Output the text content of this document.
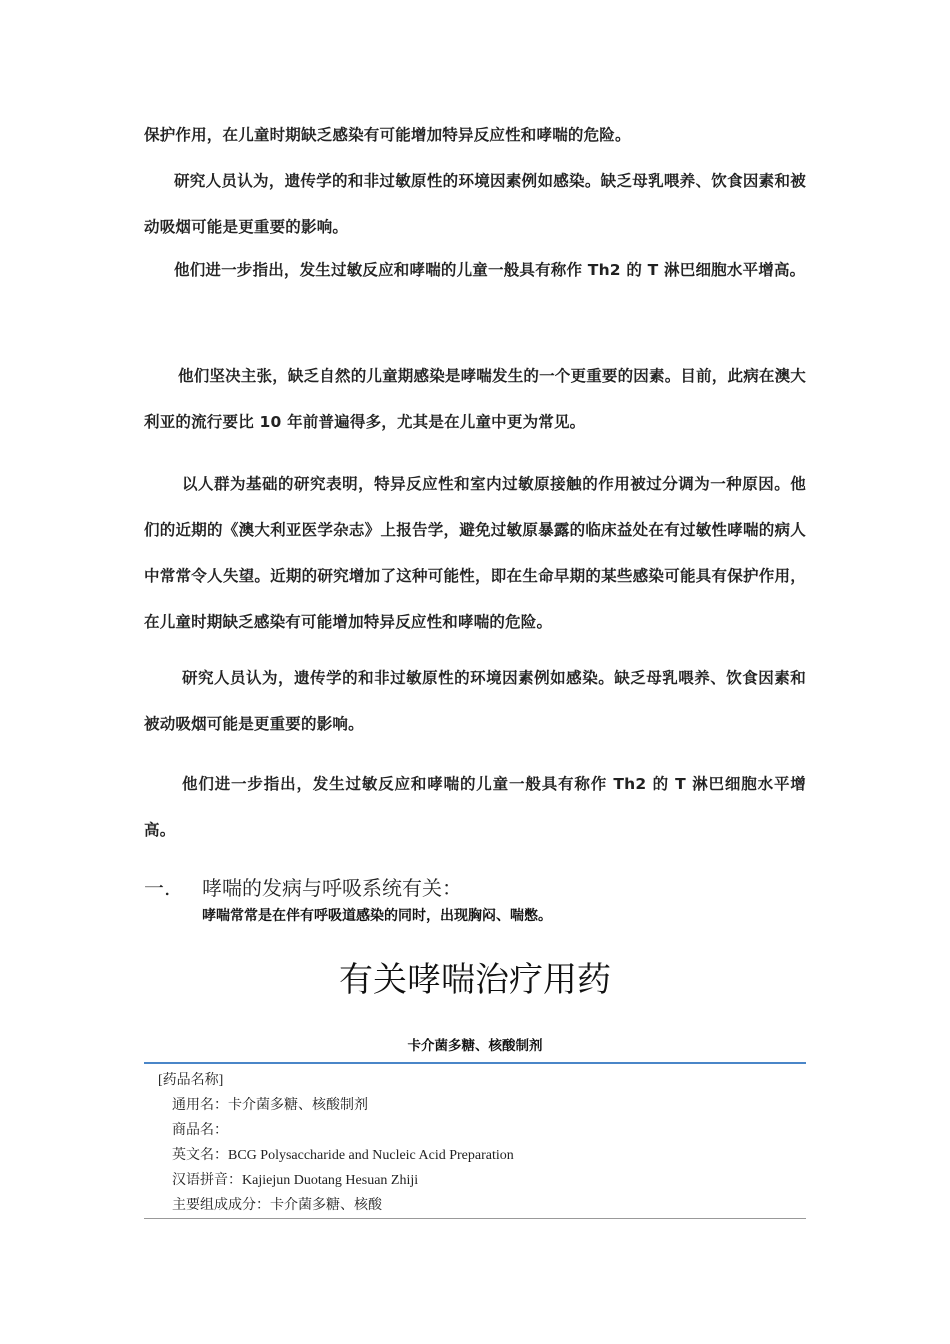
保护作用，在儿童时期缺乏感染有可能增加特异反应性和哮喘的危险。
研究人员认为，遗传学的和非过敏原性的环境因素例如感染。缺乏母乳喂养、饮食因素和被动吸烟可能是更重要的影响。
他们进一步指出，发生过敏反应和哮喘的儿童一般具有称作 Th2 的 T 淋巴细胞水平增高。
他们坚决主张，缺乏自然的儿童期感染是哮喘发生的一个更重要的因素。目前，此病在澳大利亚的流行要比 10 年前普遍得多，尤其是在儿童中更为常见。
以人群为基础的研究表明，特异反应性和室内过敏原接触的作用被过分调为一种原因。他们的近期的《澳大利亚医学杂志》上报告学，避免过敏原暴露的临床益处在有过敏性哮喘的病人中常常令人失望。近期的研究增加了这种可能性，即在生命早期的某些感染可能具有保护作用，在儿童时期缺乏感染有可能增加特异反应性和哮喘的危险。
研究人员认为，遗传学的和非过敏原性的环境因素例如感染。缺乏母乳喂养、饮食因素和被动吸烟可能是更重要的影响。
他们进一步指出，发生过敏反应和哮喘的儿童一般具有称作 Th2 的 T 淋巴细胞水平增高。
一. 哮喘的发病与呼吸系统有关：
哮喘常常是在伴有呼吸道感染的同时，出现胸闷、喘憋。
有关哮喘治疗用药
卡介菌多糖、核酸制剂
[药品名称]
通用名：卡介菌多糖、核酸制剂
商品名：
英文名：BCG Polysaccharide and Nucleic Acid Preparation
汉语拼音：Kajiejun Duotang Hesuan Zhiji
主要组成成分：卡介菌多糖、核酸
